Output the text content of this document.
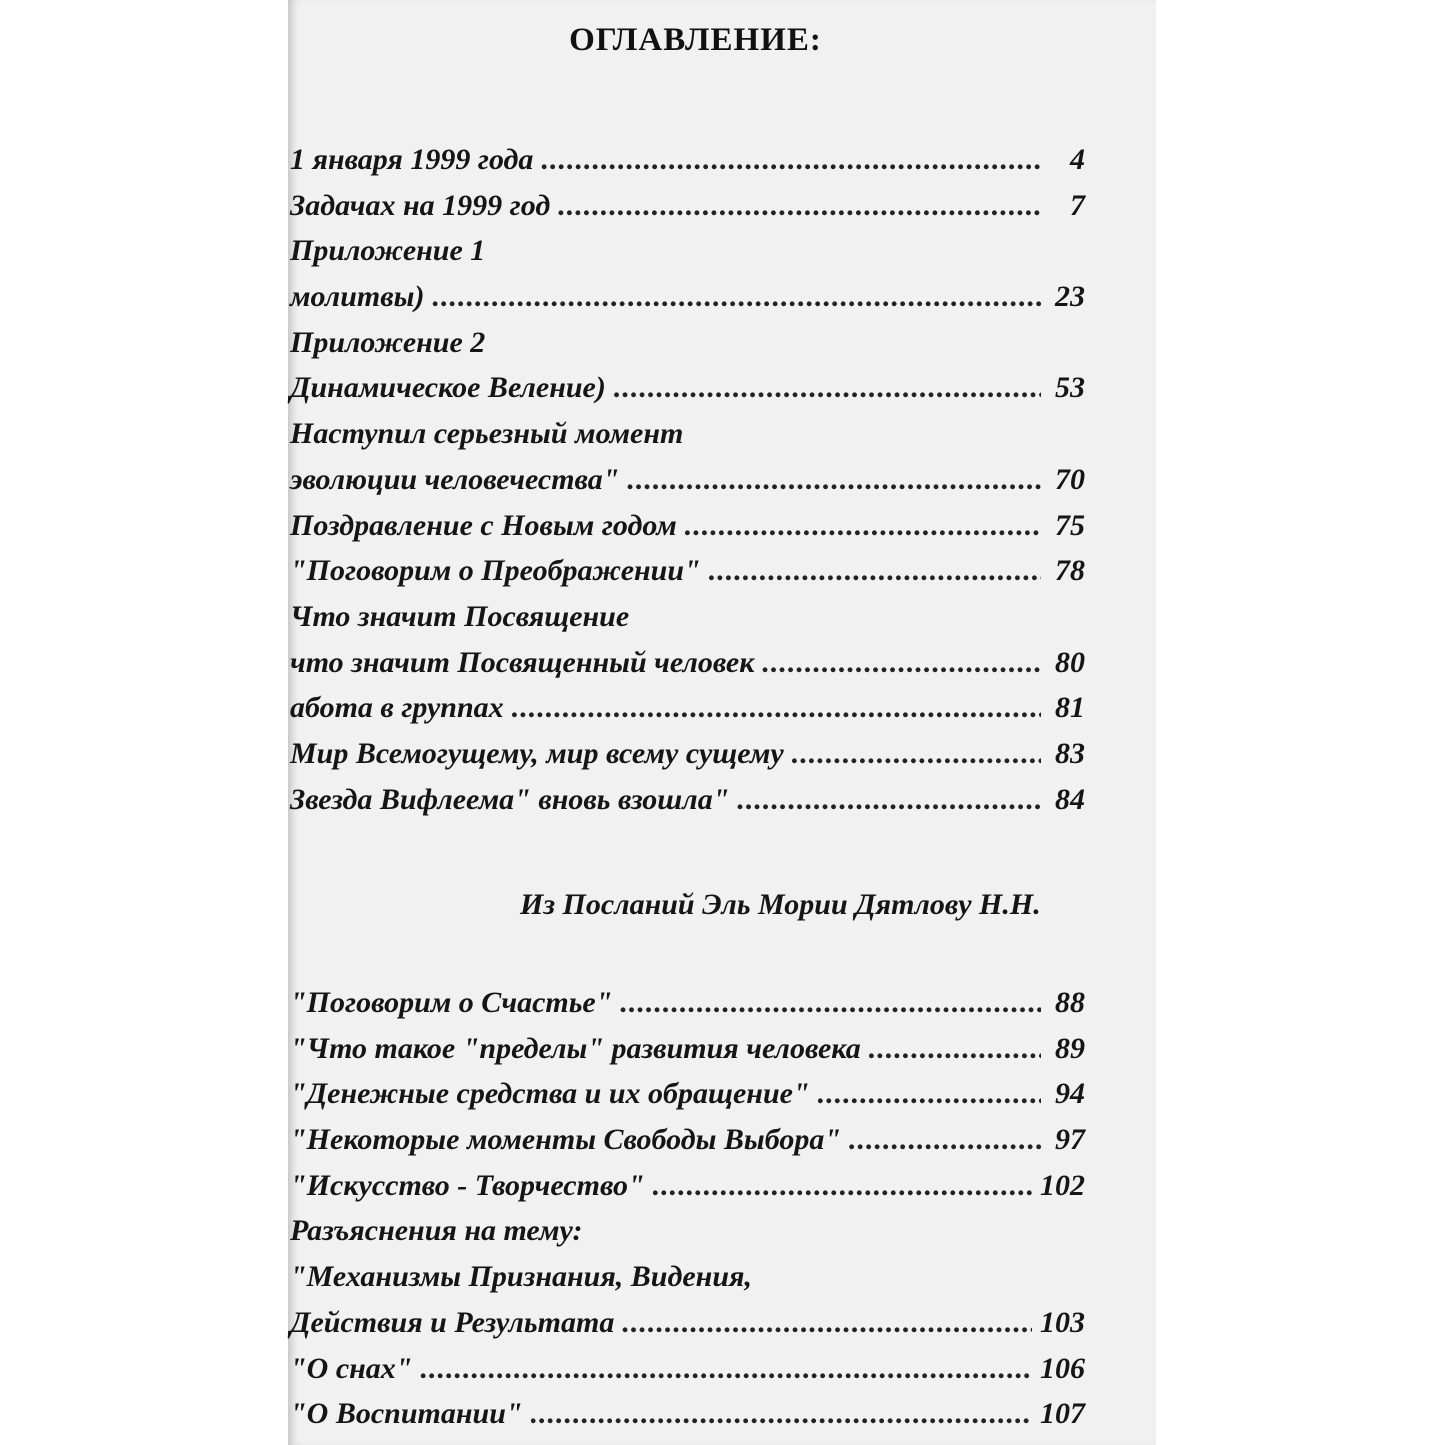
ОГЛАВЛЕНИЕ:
1 января 1999 года .....	4
Задачах на 1999 год .....	7
Приложение 1
молитвы) .....	23
Приложение 2
Динамическое Веление) .....	53
Наступил серьезный момент
эволюции человечества" .....	70
Поздравление с Новым годом .....	75
"Поговорим о Преображении" .....	78
Что значит Посвящение
что значит Посвященный человек .....	80
абота в группах .....	81
Мир Всемогущему, мир всему сущему .....	83
Звезда Вифлеема" вновь взошла" .....	84
Из Посланий Эль Мории Дятлову Н.Н.
"Поговорим о Счастье" .....	88
"Что такое "пределы" развития человека .....	89
"Денежные средства и их обращение" .....	94
"Некоторые моменты Свободы Выбора" .....	97
"Искусство - Творчество" .....	102
Разъяснения на тему:
"Механизмы Признания, Видения,
Действия и Результата .....	103
"О снах" .....	106
"О Воспитании" .....	107
